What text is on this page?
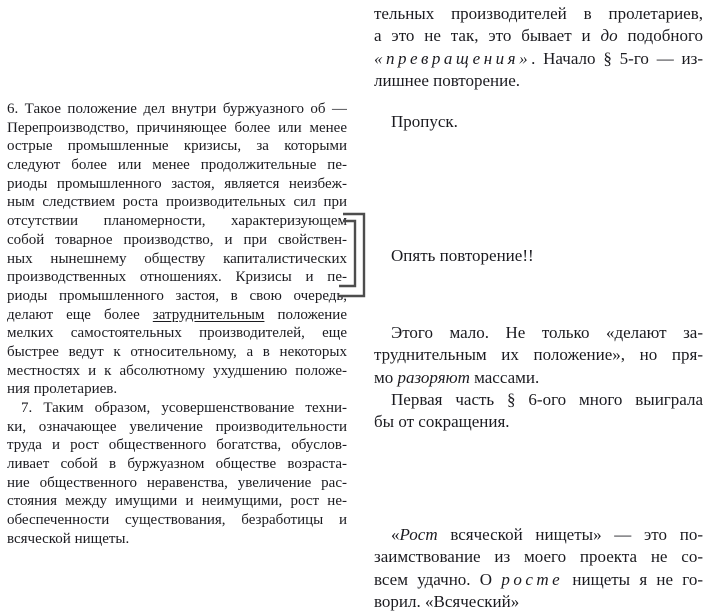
6. Такое положение дел внутри буржуазного об —
Перепроизводство, причиняющее более или менее
острые промышленные кризисы, за которыми
следуют более или менее продолжительные пе-
риоды промышленного застоя, является неизбеж-
ным следствием роста производительных сил при
отсутствии планомерности, характеризующем
собой товарное производство, и при свойствен-
ных нынешнему обществу капиталистических
производственных отношениях. Кризисы и пе-
риоды промышленного застоя, в свою очередь,
делают еще более затруднительным положение
мелких самостоятельных производителей, еще
быстрее ведут к относительному, а в некоторых
местностях и к абсолютному ухудшению положе-
ния пролетариев.
7. Таким образом, усовершенствование техни-
ки, означающее увеличение производительности
труда и рост общественного богатства, обуслов-
ливает собой в буржуазном обществе возраста-
ние общественного неравенства, увеличение рас-
стояния между имущими и неимущими, рост не-
обеспеченности существования, безработицы и
всяческой нищеты.
тельных производителей в пролетариев,
а это не так, это бывает и до подобного
«превращения». Начало § 5-го — из-
лишнее повторение.
Пропуск.
Опять повторение!!
Этого мало. Не только «делают за-
труднительным их положение», но пря-
мо разоряют массами.
Первая часть § 6-ого много выиграла
бы от сокращения.
«Рост всяческой нищеты» — это по-
заимствование из моего проекта не со-
всем удачно. О росте нищеты я не го-
ворил. «Всяческий»
